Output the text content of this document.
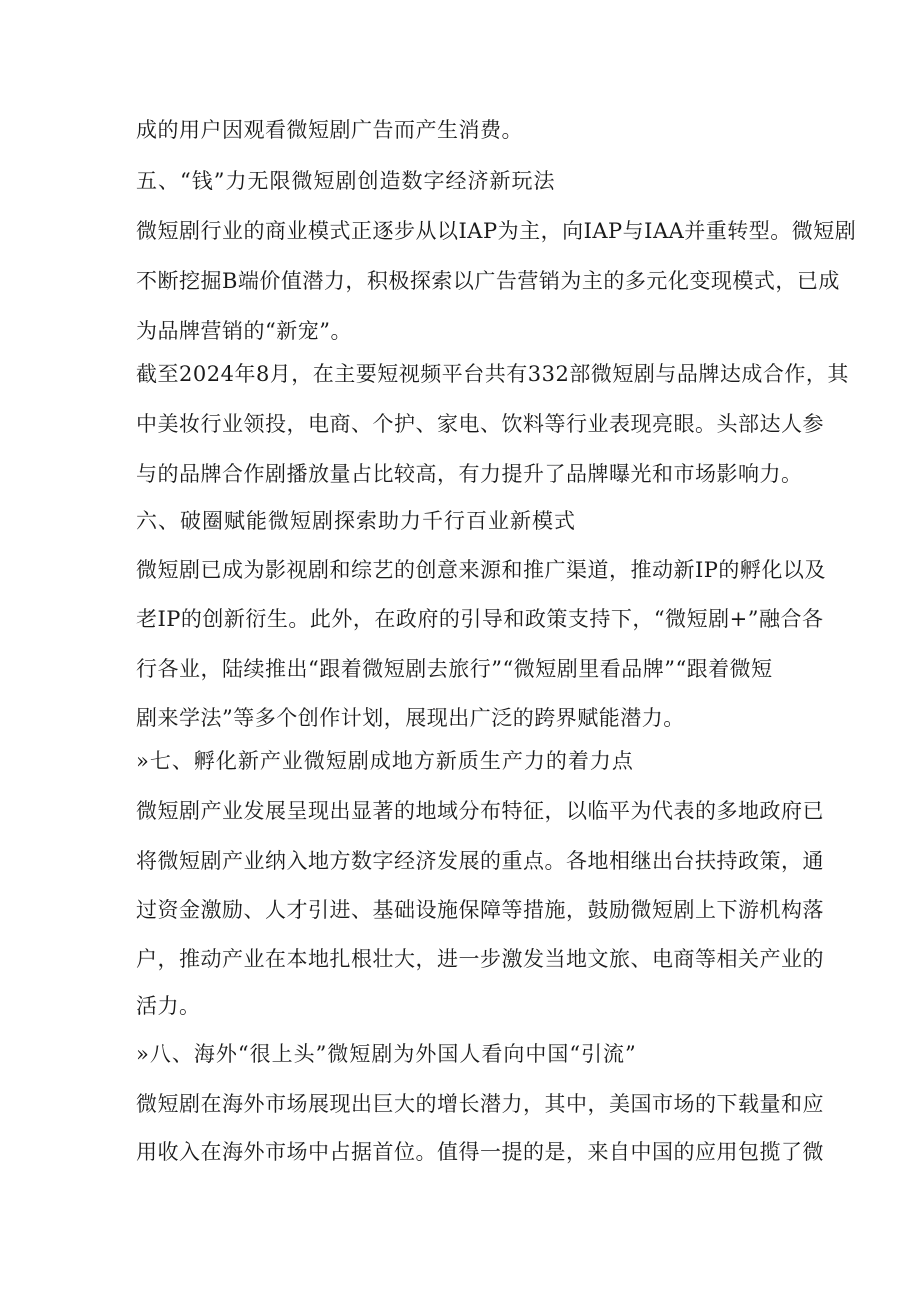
成的用户因观看微短剧广告而产生消费。
五、“钱”力无限微短剧创造数字经济新玩法
微短剧行业的商业模式正逐步从以IAP为主，向IAP与IAA并重转型。微短剧
不断挖掘B端价值潜力，积极探索以广告营销为主的多元化变现模式，已成
为品牌营销的“新宠”。
截至2024年8月，在主要短视频平台共有332部微短剧与品牌达成合作，其
中美妆行业领投，电商、个护、家电、饮料等行业表现亮眼。头部达人参
与的品牌合作剧播放量占比较高，有力提升了品牌曝光和市场影响力。
六、破圈赋能微短剧探索助力千行百业新模式
微短剧已成为影视剧和综艺的创意来源和推广渠道，推动新IP的孵化以及
老IP的创新衍生。此外，在政府的引导和政策支持下，“微短剧+”融合各
行各业，陆续推出“跟着微短剧去旅行”“微短剧里看品牌”“跟着微短
剧来学法”等多个创作计划，展现出广泛的跨界赋能潜力。
»七、孵化新产业微短剧成地方新质生产力的着力点
微短剧产业发展呈现出显著的地域分布特征，以临平为代表的多地政府已
将微短剧产业纳入地方数字经济发展的重点。各地相继出台扶持政策，通
过资金激励、人才引进、基础设施保障等措施，鼓励微短剧上下游机构落
户，推动产业在本地扎根壮大，进一步激发当地文旅、电商等相关产业的
活力。
»八、海外“很上头”微短剧为外国人看向中国“引流”
微短剧在海外市场展现出巨大的增长潜力，其中，美国市场的下载量和应
用收入在海外市场中占据首位。值得一提的是，来自中国的应用包揽了微
